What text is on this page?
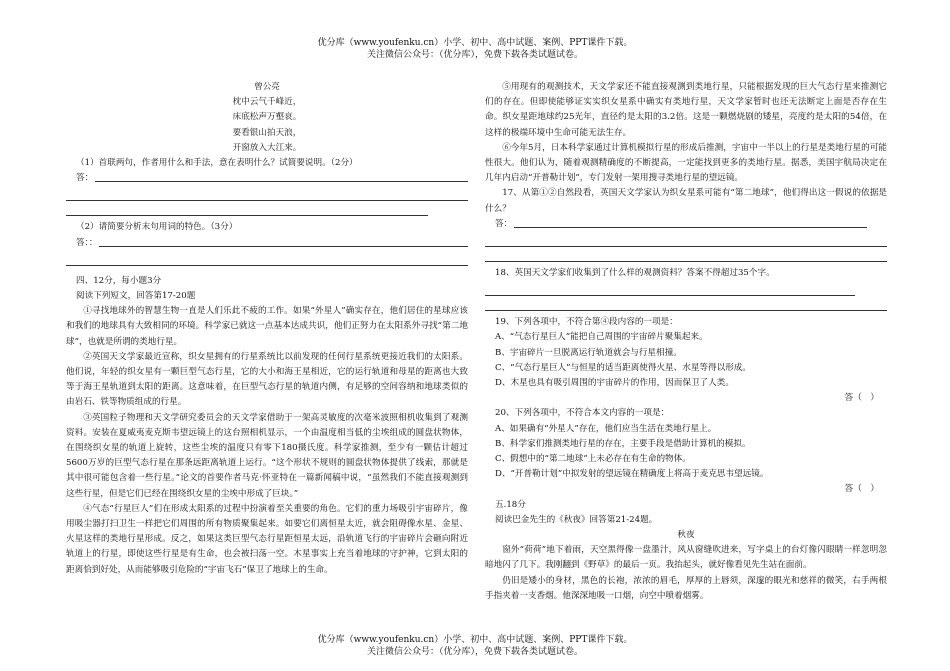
优分库（www.youfenku.cn）小学、初中、高中试题、案例、PPT课件下载。
关注微信公众号：（优分库），免费下载各类试题试卷。
曾公亮
枕中云气千峰近，
床底松声万壑哀。
要看银山拍天浪，
开窗放入大江来。
（1）首联两句，作者用什么和手法，意在表明什么？试简要说明。（2分）
答：
（2）请简要分析末句用词的特色。（3分）
答：：
四、12分，每小题3分
阅读下列短文，回答第17-20题
①寻找地球外的智慧生物一直是人们乐此不疲的工作。如果“外星人”确实存在，他们居住的星球应该和我们的地球具有大致相同的环境。科学家已就这一点基本达成共识，他们正努力在太阳系外寻找“第二地球”，也就是所谓的类地行星。
②英国天文学家最近宣称，织女星拥有的行星系统比以前发现的任何行星系统更接近我们的太阳系。他们说，年轻的织女星有一颗巨型气态行星，它的大小和海王星相近，它的运行轨道和母星的距离也大致等于海王星轨道到太阳的距离。这意味着，在巨型气态行星的轨道内侧，有足够的空间容纳和地球类似的由岩石、铁等物质组成的行星。
③英国粒子物理和天文学研究委员会的天文学家借助于一架高灵敏度的次毫米波照相机收集到了观测资料。安装在夏威夷麦克斯韦望远镜上的这台照相机显示，一个由温度相当低的尘埃组成的圆盘状物体，在围绕织女星的轨道上旋转，这些尘埃的温度只有零下180摄氏度。科学家推测，至少有一颗估计超过5600万岁的巨型气态行星在那条远距离轨道上运行。“这个形状不规则的圆盘状物体提供了线索，那就是其中很可能包含着一些行星。”论文的首要作者马克·怀亚特在一篇新闻稿中说，“虽然我们不能直接观测到这些行星，但是它们已经在围绕织女星的尘埃中形成了巨块。”
④气态“行星巨人”们在形成太阳系的过程中扮演着至关重要的角色。它们的重力场吸引宇宙碎片，像用吸尘器打扫卫生一样把它们周围的所有物质聚集起来。如要它们离恒星太近，就会阻碍像水星、金星、火星这样的类地行星形成。反之，如果这类巨型气态行星距恒星太远，沿轨道飞行的宇宙碎片会砸向附近轨道上的行星，即使这些行星是有生命，也会被扫荡一空。木星事实上充当着地球的守护神，它到太阳的距离恰到好处，从而能够吸引危险的“宇宙飞石”保卫了地球上的生命。
⑤用现有的观测技术，天文学家还不能直接观测到类地行星，只能根据发现的巨大气态行星来推测它们的存在。但即使能够证实实织女星系中确实有类地行星，天文学家暂时也还无法断定上面是否存在生命。织女星距地球约25光年，直径约是太阳的3.2倍。这是一颗燃烧剧的矮星，亮度约是太阳的54倍，在这样的极端环境中生命可能无法生存。
⑥今年5月，日本科学家通过计算机模拟行星的形成后推测，宇宙中一半以上的行星是类地行星的可能性很大。他们认为，随着观测精确度的不断提高，一定能找到更多的类地行星。据悉，美国宇航局决定在几年内启动“开普勒计划”，专门发射一架用搜寻类地行星的望远镜。
17、从第①②自然段看，英国天文学家认为织女星系可能有“第二地球”，他们得出这一假说的依据是什么？
答：
18、英国天文学家们收集到了什么样的观测资料？答案不得超过35个字。
19、下列各项中，不符合第④段内容的一项是：
A、“气态行星巨人”能把自己周围的宇宙碎片聚集起来。
B、宇宙碎片一旦脱离运行轨道就会与行星相撞。
C、“气态行星巨人”与恒星的适当距离使得火星、水星等得以形成。
D、木星也具有吸引周围的宇宙碎片的作用，因而保卫了人类。
答（　）
20、下列各项中，不符合本文内容的一项是：
A、如果确有“外星人”存在，他们应当生活在类地行星上。
B、科学家们推测类地行星的存在，主要手段是借助计算机的模拟。
C、假想中的“第二地球”上未必存在有生命的物体。
D、“开普勒计划”中拟发射的望远镜在精确度上将高于麦克思韦望远镜。
答（　）
五.18分
阅读巴金先生的《秋夜》回答第21-24题。
秋夜
窗外“荷荷”地下着雨，天空黑得像一盘墨汁，风从窗缝吹进来，写字桌上的台灯像闪眼睛一样忽明忽暗地闪了几下。我刚翻到《野草》的最后一页。我抬起头，就好像看见先生站在面前。
仍旧是矮小的身材，黑色的长袍，浓浓的眉毛，厚厚的上唇须，深邃的眼光和慈祥的微笑，右手两根手指夹着一支香烟。他深深地吸一口烟，向空中喷着烟雾。
优分库（www.youfenku.cn）小学、初中、高中试题、案例、PPT课件下载。
关注微信公众号：（优分库），免费下载各类试题试卷。
